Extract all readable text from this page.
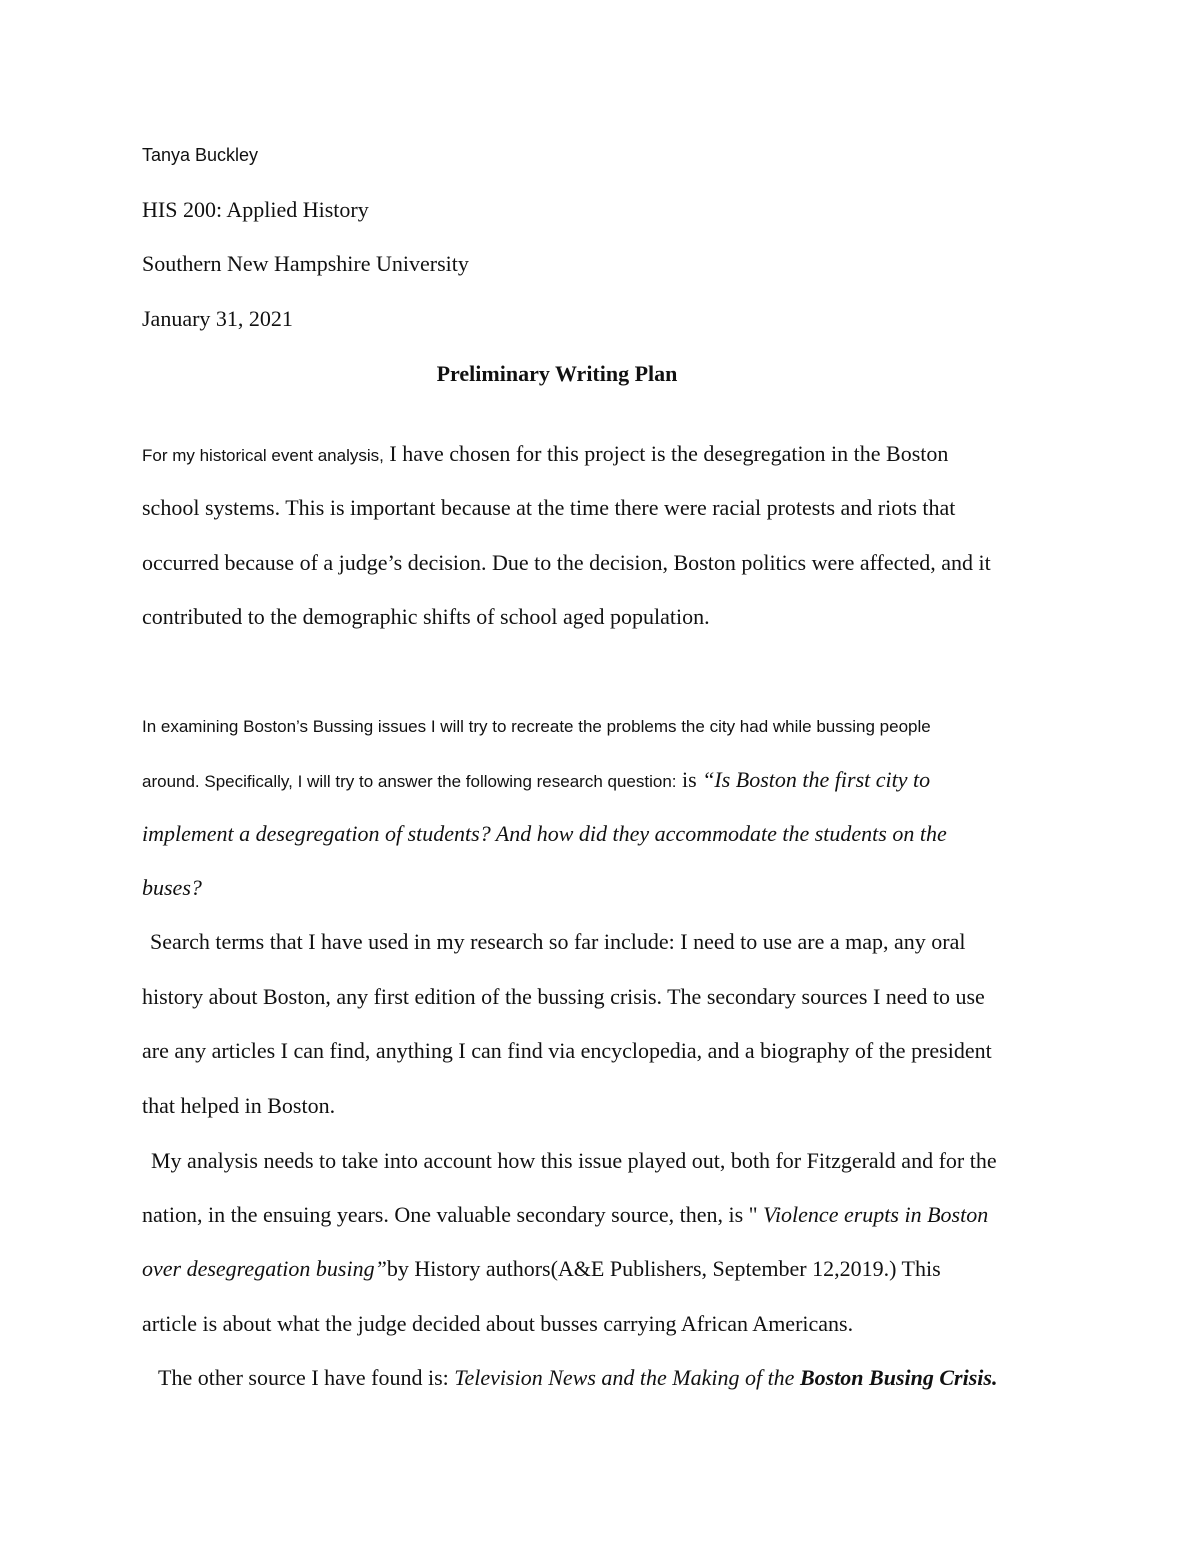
Tanya Buckley
HIS 200: Applied History
Southern New Hampshire University
January 31, 2021
Preliminary Writing Plan
For my historical event analysis, I have chosen for this project is the desegregation in the Boston
school systems. This is important because at the time there were racial protests and riots that
occurred because of a judge’s decision. Due to the decision, Boston politics were affected, and it
contributed to the demographic shifts of school aged population.
In examining Boston’s Bussing issues I will try to recreate the problems the city had while bussing people
around. Specifically, I will try to answer the following research question: is “Is Boston the first city to
implement a desegregation of students? And how did they accommodate the students on the
buses?
Search terms that I have used in my research so far include: I need to use are a map, any oral
history about Boston, any first edition of the bussing crisis. The secondary sources I need to use
are any articles I can find, anything I can find via encyclopedia, and a biography of the president
that helped in Boston.
My analysis needs to take into account how this issue played out, both for Fitzgerald and for the
nation, in the ensuing years. One valuable secondary source, then, is " Violence erupts in Boston
over desegregation busing”by History authors(A&E Publishers, September 12,2019.) This
article is about what the judge decided about busses carrying African Americans.
The other source I have found is: Television News and the Making of the Boston Busing Crisis.
